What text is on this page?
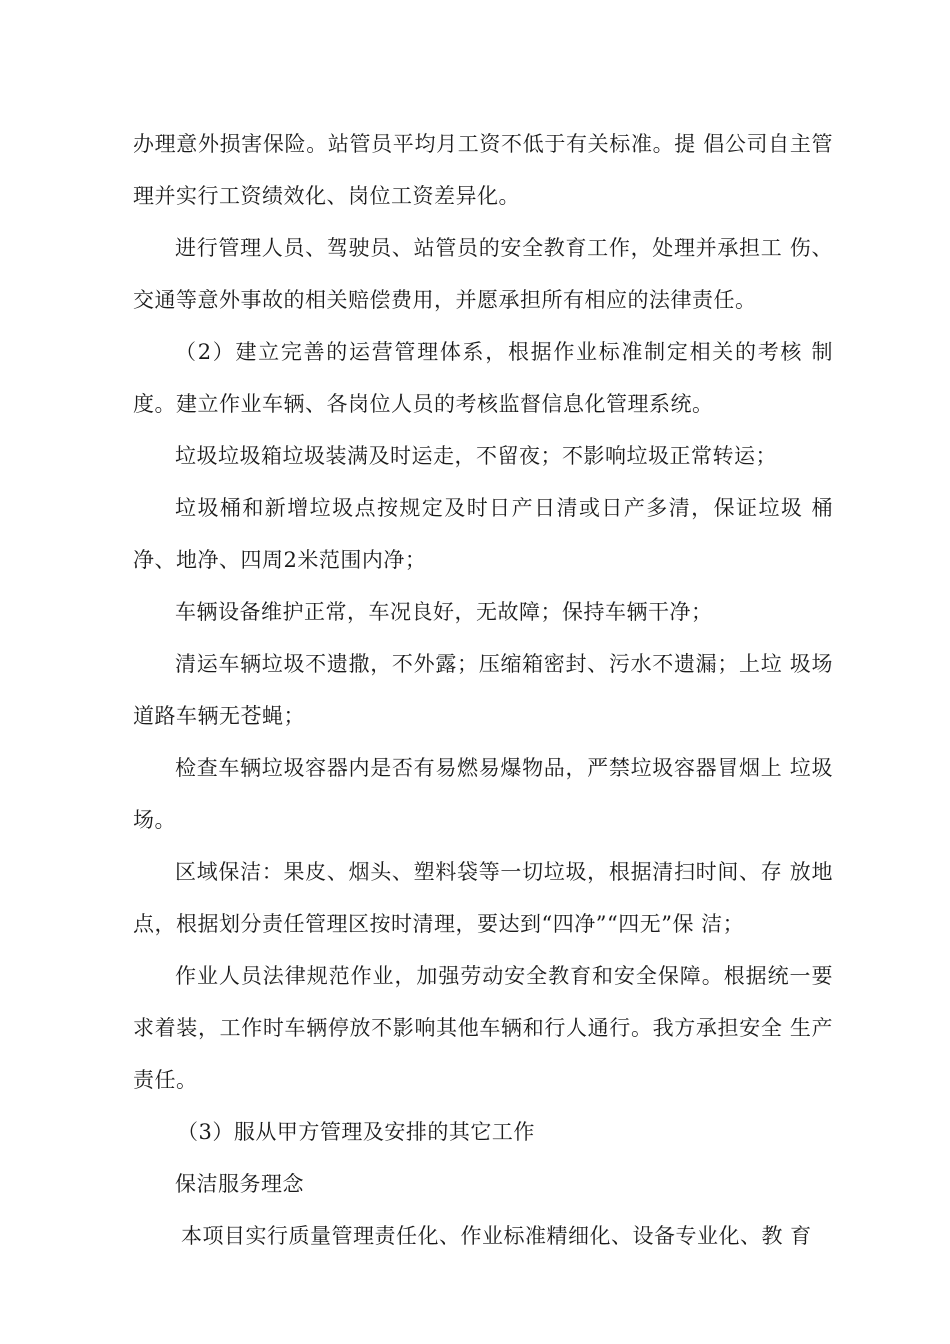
办理意外损害保险。站管员平均月工资不低于有关标准。提 倡公司自主管理并实行工资绩效化、岗位工资差异化。

进行管理人员、驾驶员、站管员的安全教育工作，处理并承担工 伤、交通等意外事故的相关赔偿费用，并愿承担所有相应的法律责任。

（2）建立完善的运营管理体系，根据作业标准制定相关的考核 制度。建立作业车辆、各岗位人员的考核监督信息化管理系统。

垃圾垃圾箱垃圾装满及时运走，不留夜；不影响垃圾正常转运；

垃圾桶和新增垃圾点按规定及时日产日清或日产多清，保证垃圾 桶净、地净、四周2米范围内净；

车辆设备维护正常，车况良好，无故障；保持车辆干净；

清运车辆垃圾不遗撒，不外露；压缩箱密封、污水不遗漏；上垃 圾场道路车辆无苍蝇；

检查车辆垃圾容器内是否有易燃易爆物品，严禁垃圾容器冒烟上 垃圾场。

区域保洁：果皮、烟头、塑料袋等一切垃圾，根据清扫时间、存 放地点，根据划分责任管理区按时清理，要达到“四净”“四无”保 洁；

作业人员法律规范作业，加强劳动安全教育和安全保障。根据统一要求着装，工作时车辆停放不影响其他车辆和行人通行。我方承担安全 生产责任。

（3）服从甲方管理及安排的其它工作

保洁服务理念

本项目实行质量管理责任化、作业标准精细化、设备专业化、教 育
